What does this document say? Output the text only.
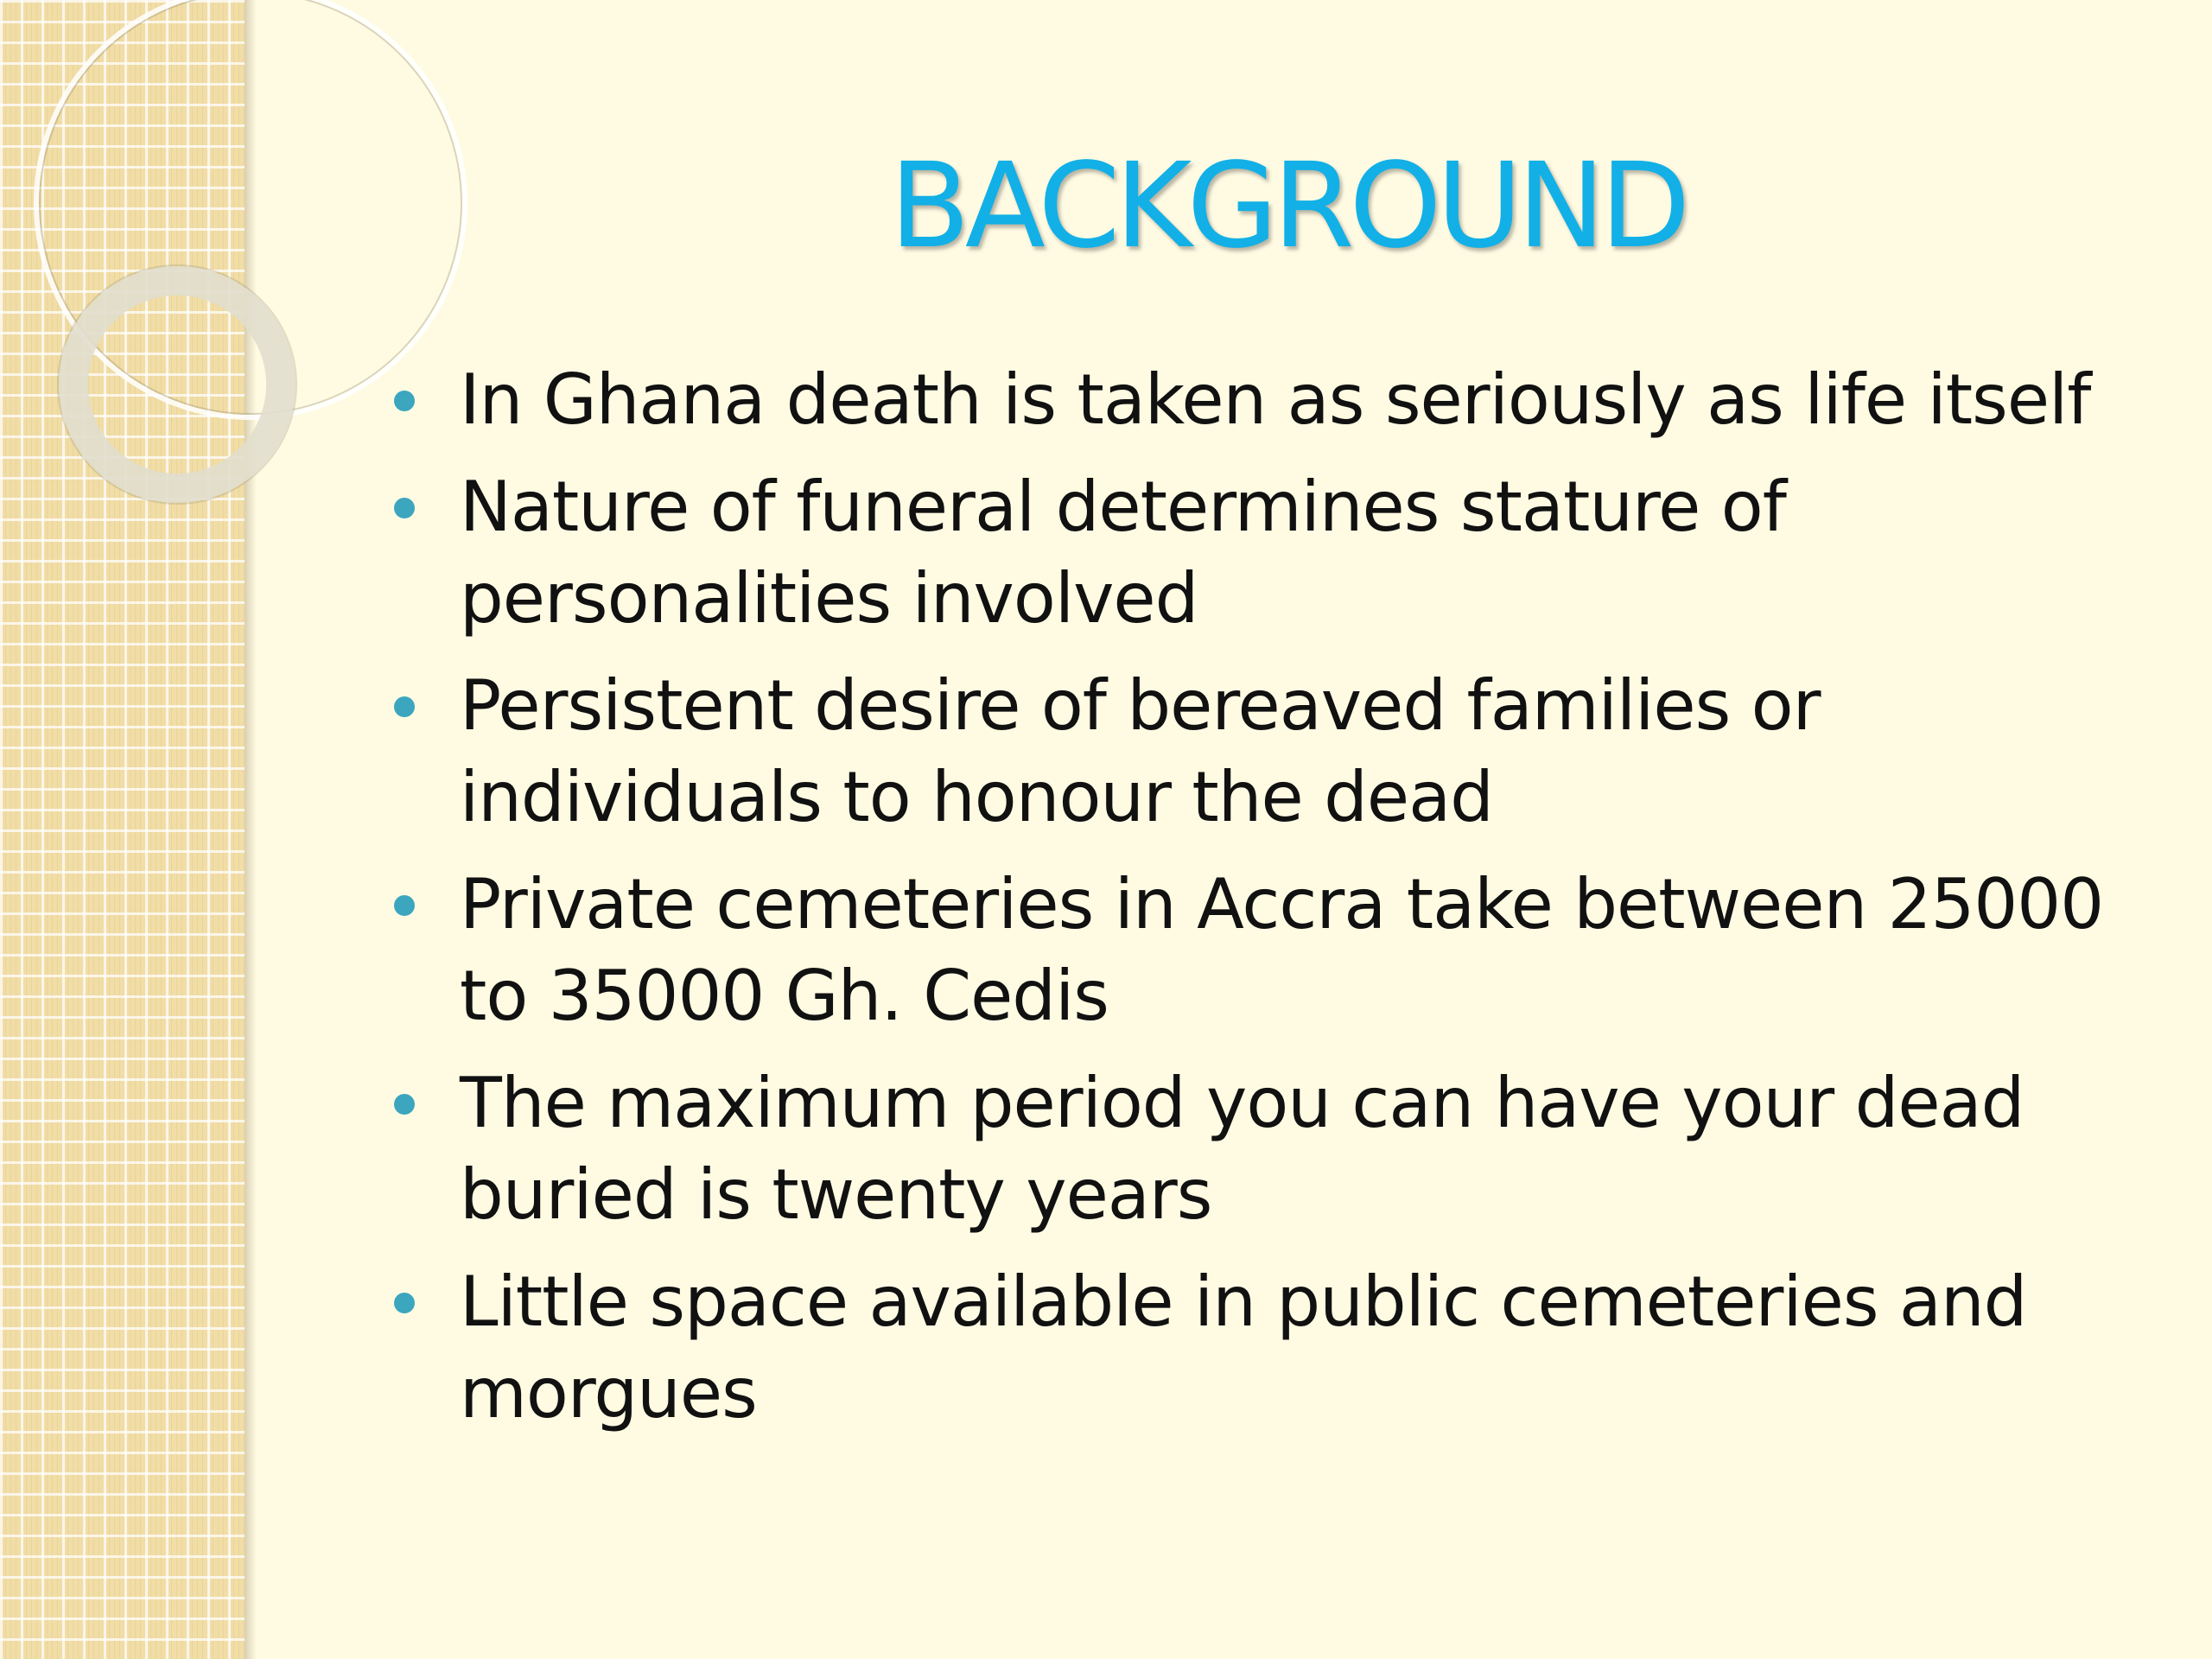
BACKGROUND
In Ghana death is taken as seriously as life itself
Nature of funeral determines stature of personalities involved
Persistent desire of bereaved families or individuals to honour the dead
Private cemeteries in Accra take between 25000 to 35000 Gh. Cedis
The maximum period you can have your dead buried is twenty years
Little space available in public cemeteries and morgues
